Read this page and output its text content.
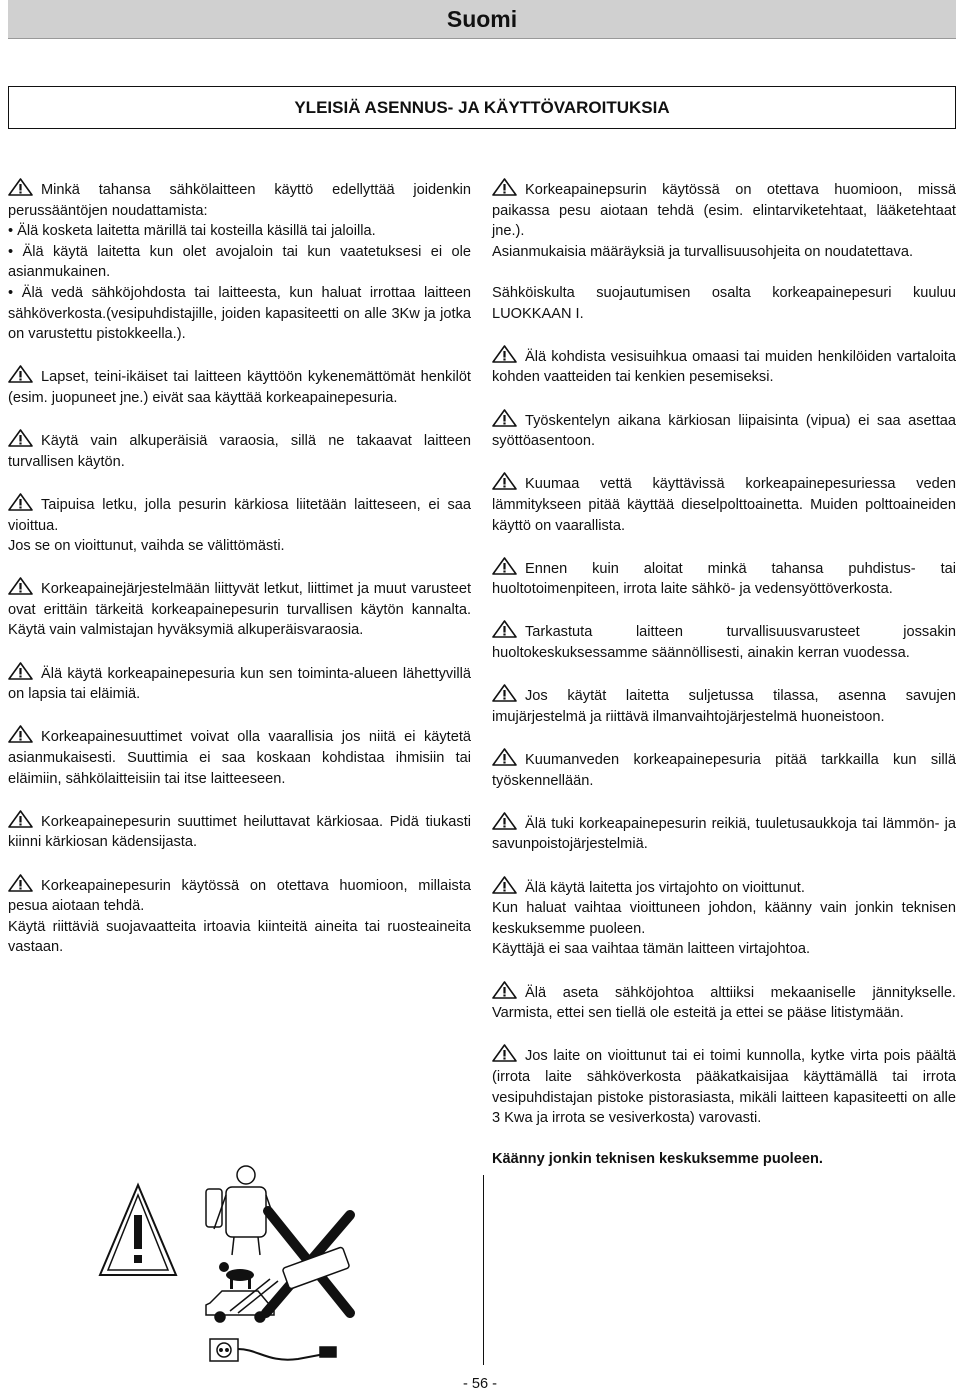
Suomi
YLEISIÄ ASENNUS- JA KÄYTTÖVAROITUKSIA

Minkä tahansa sähkölaitteen käyttö edellyttää joidenkin perussääntöjen noudattamista:

• Älä kosketa laitetta märillä tai kosteilla käsillä tai jaloilla.

• Älä käytä laitetta kun olet avojaloin tai kun vaatetuksesi ei ole asianmukainen.

• Älä vedä sähköjohdosta tai laitteesta, kun haluat irrottaa laitteen sähköverkosta.(vesipuhdistajille, joiden kapasiteetti on alle 3Kw ja jotka on varustettu pistokkeella.).

Lapset, teini-ikäiset tai laitteen käyttöön kykenemättömät henkilöt (esim. juopuneet jne.) eivät saa käyttää korkeapainepesuria.

Käytä vain alkuperäisiä varaosia, sillä ne takaavat laitteen turvallisen käytön.

Taipuisa letku, jolla pesurin kärkiosa liitetään laitteseen, ei saa vioittua.

Jos se on vioittunut, vaihda se välittömästi.

Korkeapainejärjestelmään liittyvät letkut, liittimet ja muut varusteet ovat erittäin tärkeitä korkeapainepesurin turvallisen käytön kannalta. Käytä vain valmistajan hyväksymiä alkuperäisvaraosia.

Älä käytä korkeapainepesuria kun sen toiminta-alueen lähettyvillä on lapsia tai eläimiä.

Korkeapainesuuttimet voivat olla vaarallisia jos niitä ei käytetä asianmukaisesti. Suuttimia ei saa koskaan kohdistaa ihmisiin tai eläimiin, sähkölaitteisiin tai itse laitteeseen.

Korkeapainepesurin suuttimet heiluttavat kärkiosaa. Pidä tiukasti kiinni kärkiosan kädensijasta.

Korkeapainepesurin käytössä on otettava huomioon, millaista pesua aiotaan tehdä.

Käytä riittäviä suojavaatteita irtoavia kiinteitä aineita tai ruosteaineita vastaan.

Korkeapainepsurin käytössä on otettava huomioon, missä paikassa pesu aiotaan tehdä (esim. elintarviketehtaat, lääketehtaat jne.).

Asianmukaisia määräyksiä ja turvallisuusohjeita on noudatettava.

Sähköiskulta suojautumisen osalta korkeapainepesuri kuuluu LUOKKAAN I.

Älä kohdista vesisuihkua omaasi tai muiden henkilöiden vartaloita kohden vaatteiden tai kenkien pesemiseksi.

Työskentelyn aikana kärkiosan liipaisinta (vipua) ei saa asettaa syöttöasentoon.

Kuumaa vettä käyttävissä korkeapainepesuriessa veden lämmitykseen pitää käyttää dieselpolttoainetta. Muiden polttoaineiden käyttö on vaarallista.

Ennen kuin aloitat minkä tahansa puhdistus- tai huoltotoimenpiteen, irrota laite sähkö- ja vedensyöttöverkosta.

Tarkastuta laitteen turvallisuusvarusteet jossakin huoltokeskuksessamme säännöllisesti, ainakin kerran vuodessa.

Jos käytät laitetta suljetussa tilassa, asenna savujen imujärjestelmä ja riittävä ilmanvaihtojärjestelmä huoneistoon.

Kuumanveden korkeapainepesuria pitää tarkkailla kun sillä työskennellään.

Älä tuki korkeapainepesurin reikiä, tuuletusaukkoja tai lämmön- ja savunpoistojärjestelmiä.

Älä käytä laitetta jos virtajohto on vioittunut.

Kun haluat vaihtaa vioittuneen johdon, käänny vain jonkin teknisen keskuksemme puoleen.

Käyttäjä ei saa vaihtaa tämän laitteen virtajohtoa.

Älä aseta sähköjohtoa alttiiksi mekaaniselle jännitykselle. Varmista, ettei sen tiellä ole esteitä ja ettei se pääse litistymään.

Jos laite on vioittunut tai ei toimi kunnolla, kytke virta pois päältä (irrota laite sähköverkosta pääkatkaisijaa käyttämällä tai irrota vesipuhdistajan pistoke pistorasiasta, mikäli laitteen kapasiteetti on alle 3 Kwa ja irrota se vesiverkosta) varovasti.

Käänny jonkin teknisen keskuksemme puoleen.
- 56 -
